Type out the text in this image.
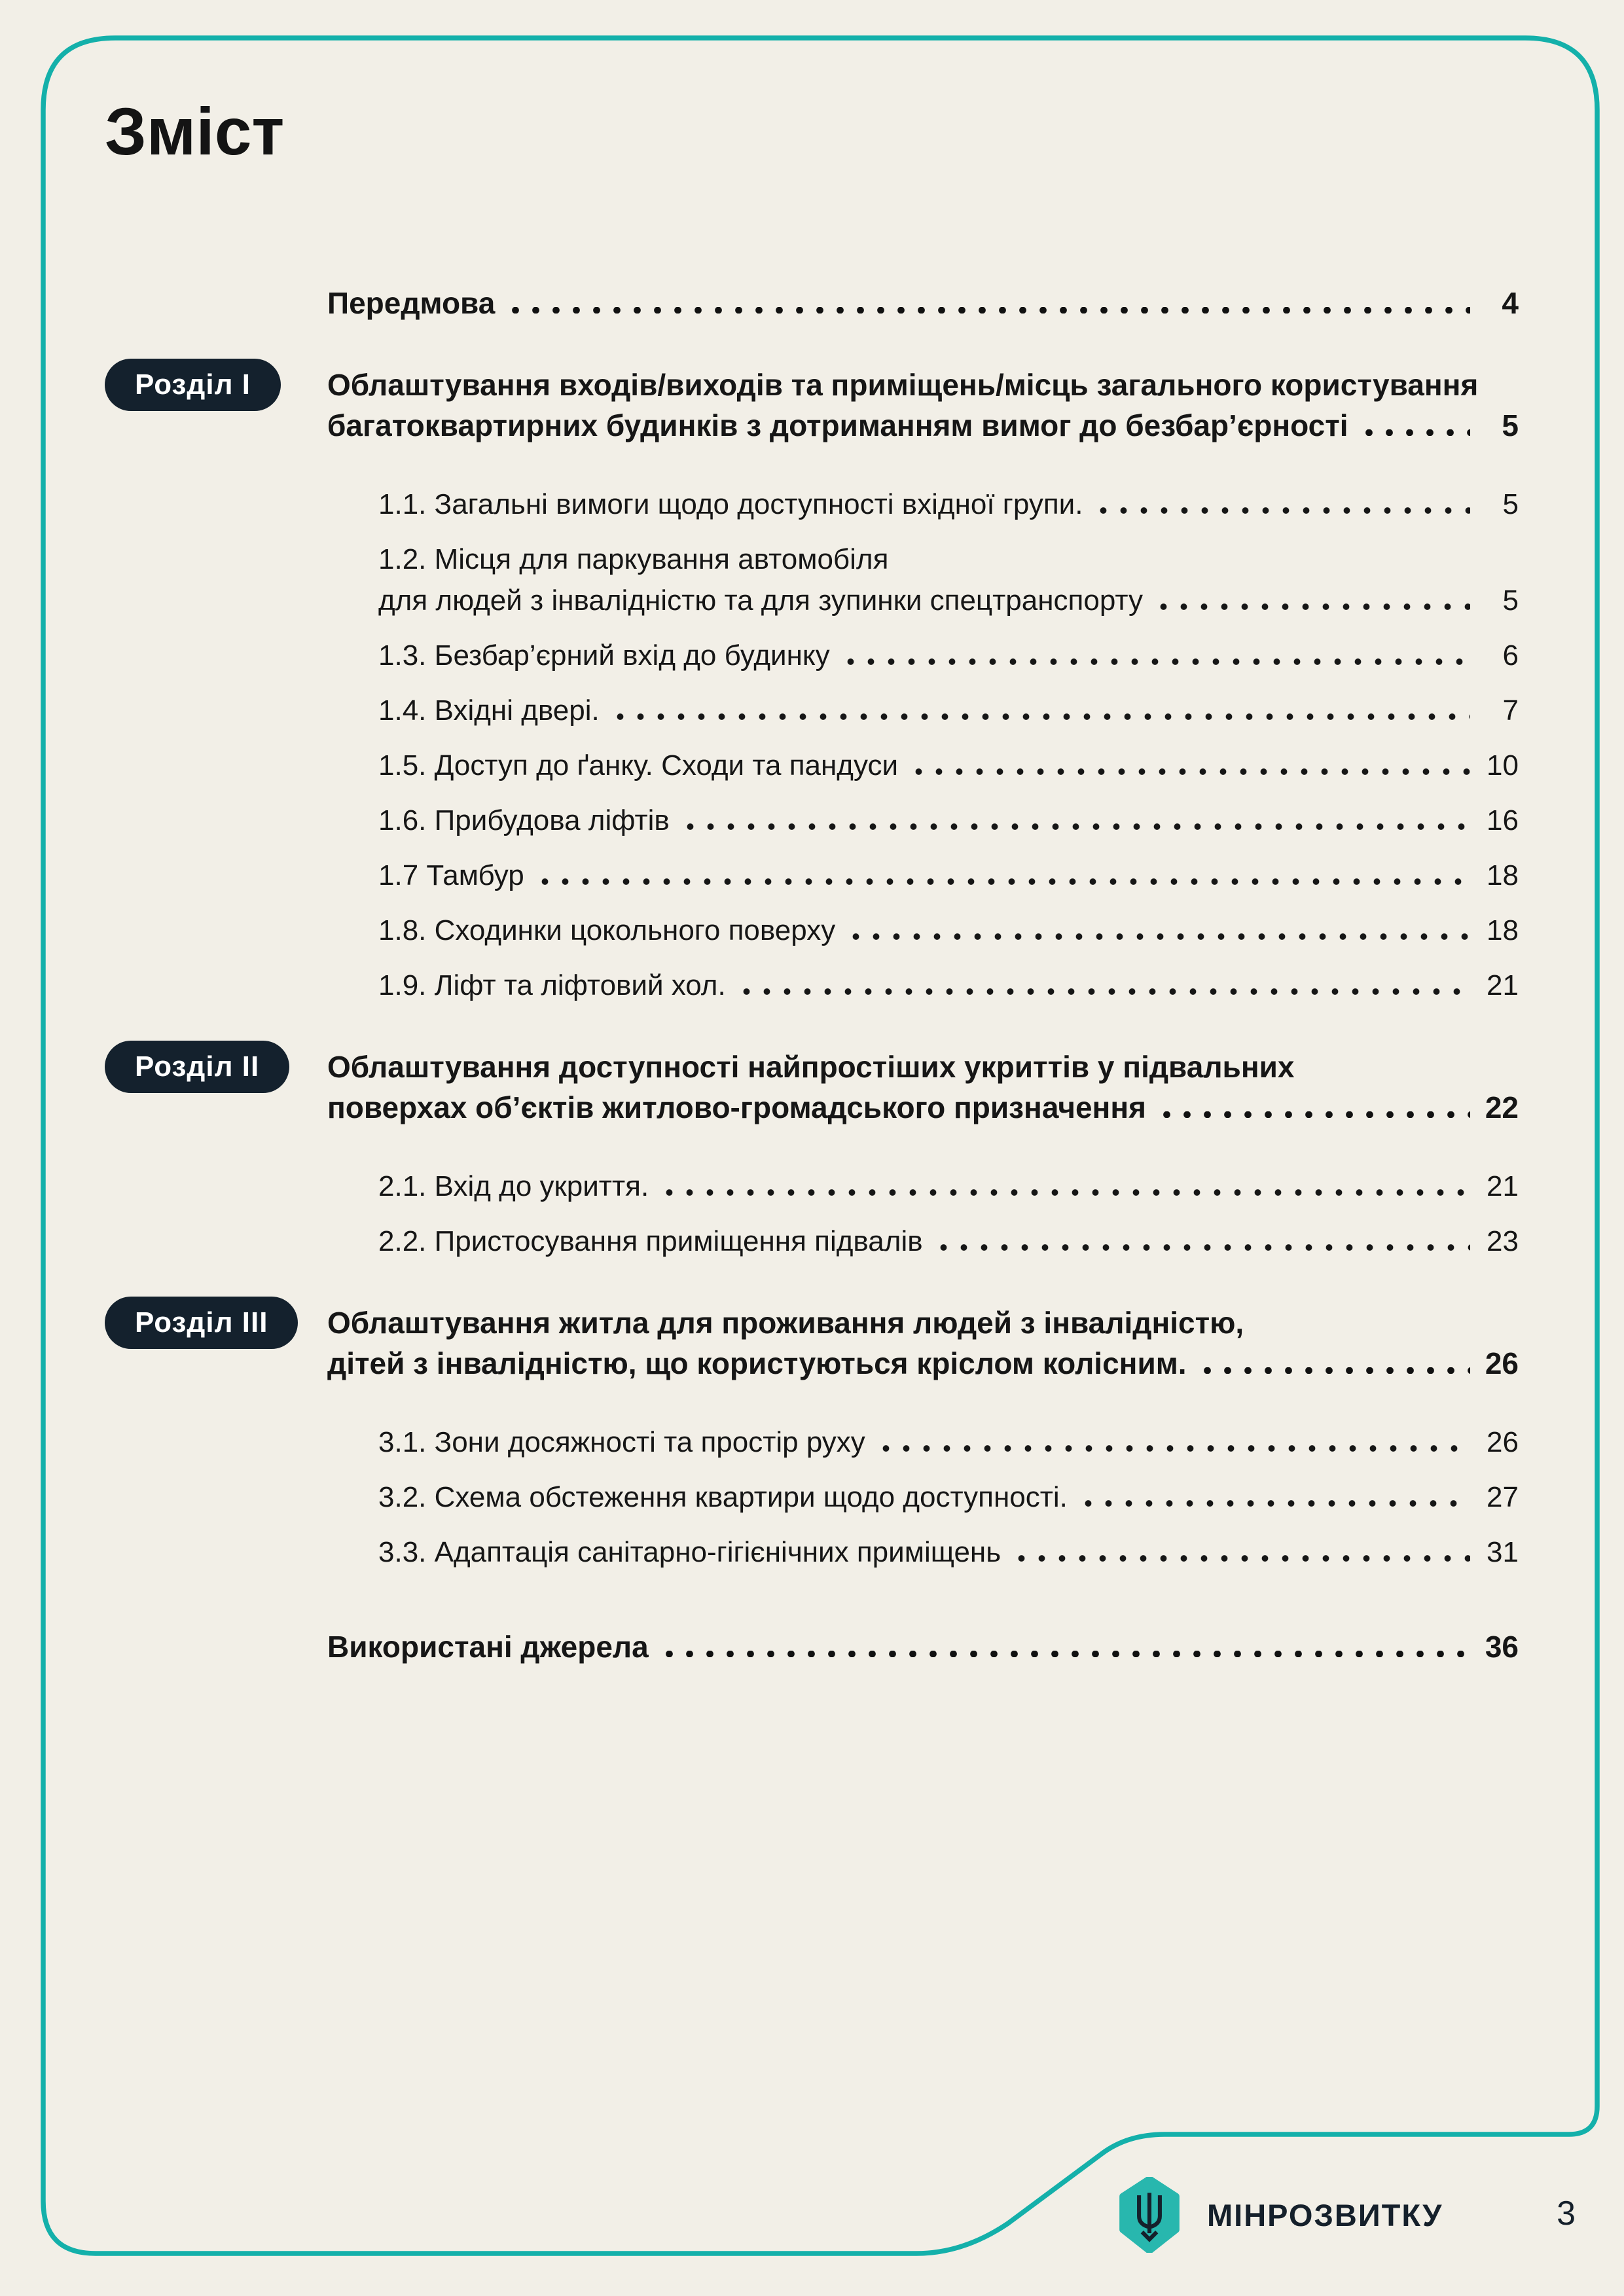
Зміст
Передмова	4
Розділ I	Облаштування входів/виходів та приміщень/місць загального користування
багатоквартирних будинків з дотриманням вимог до безбар’єрності	5
1.1. Загальні вимоги щодо доступності вхідної групи.	5
1.2. Місця для паркування автомобіля
для людей з інвалідністю та для зупинки спецтранспорту	5
1.3. Безбар’єрний вхід до будинку	6
1.4. Вхідні двері.	7
1.5. Доступ до ґанку. Сходи та пандуси	10
1.6. Прибудова ліфтів	16
1.7 Тамбур	18
1.8. Сходинки цокольного поверху	18
1.9. Ліфт та ліфтовий хол.	21
Розділ II	Облаштування доступності найпростіших укриттів у підвальних
поверхах об’єктів житлово-громадського призначення	22
2.1. Вхід до укриття.	21
2.2. Пристосування приміщення підвалів	23
Розділ III	Облаштування житла для проживання людей з інвалідністю,
дітей з інвалідністю, що користуються кріслом колісним.	26
3.1. Зони досяжності та простір руху	26
3.2. Схема обстеження квартири щодо доступності.	27
3.3. Адаптація санітарно-гігієнічних приміщень	31
Використані джерела	36
МІНРОЗВИТКУ	3
